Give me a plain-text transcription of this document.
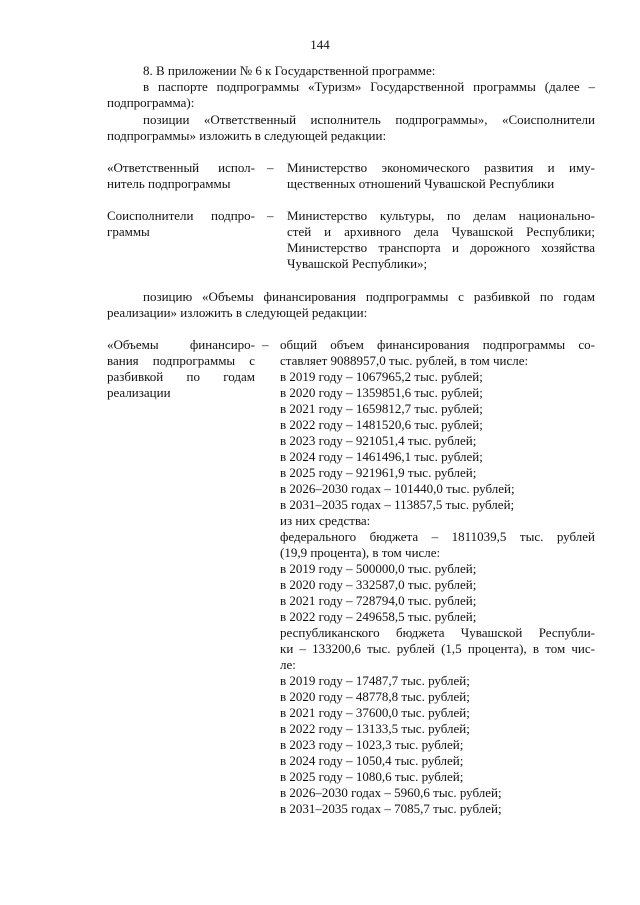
144
8. В приложении № 6 к Государственной программе:
в паспорте подпрограммы «Туризм» Государственной программы (далее –
подпрограмма):
позиции «Ответственный исполнитель подпрограммы», «Соисполнители
подпрограммы» изложить в следующей редакции:
«Ответственный испол-
нитель подпрограммы
– Министерство экономического развития и иму-
щественных отношений Чувашской Республики
Соисполнители подпро-
граммы
– Министерство культуры, по делам национально-
стей и архивного дела Чувашской Республики;
Министерство транспорта и дорожного хозяйства
Чувашской Республики»;
позицию «Объемы финансирования подпрограммы с разбивкой по годам
реализации» изложить в следующей редакции:
«Объемы финансиро-
вания подпрограммы с
разбивкой по годам
реализации
– общий объем финансирования подпрограммы со-
ставляет 9088957,0 тыс. рублей, в том числе:
в 2019 году – 1067965,2 тыс. рублей;
в 2020 году – 1359851,6 тыс. рублей;
в 2021 году – 1659812,7 тыс. рублей;
в 2022 году – 1481520,6 тыс. рублей;
в 2023 году – 921051,4 тыс. рублей;
в 2024 году – 1461496,1 тыс. рублей;
в 2025 году – 921961,9 тыс. рублей;
в 2026–2030 годах – 101440,0 тыс. рублей;
в 2031–2035 годах – 113857,5 тыс. рублей;
из них средства:
федерального бюджета – 1811039,5 тыс. рублей
(19,9 процента), в том числе:
в 2019 году – 500000,0 тыс. рублей;
в 2020 году – 332587,0 тыс. рублей;
в 2021 году – 728794,0 тыс. рублей;
в 2022 году – 249658,5 тыс. рублей;
республиканского бюджета Чувашской Республи-
ки – 133200,6 тыс. рублей (1,5 процента), в том чис-
ле:
в 2019 году – 17487,7 тыс. рублей;
в 2020 году – 48778,8 тыс. рублей;
в 2021 году – 37600,0 тыс. рублей;
в 2022 году – 13133,5 тыс. рублей;
в 2023 году – 1023,3 тыс. рублей;
в 2024 году – 1050,4 тыс. рублей;
в 2025 году – 1080,6 тыс. рублей;
в 2026–2030 годах – 5960,6 тыс. рублей;
в 2031–2035 годах – 7085,7 тыс. рублей;
